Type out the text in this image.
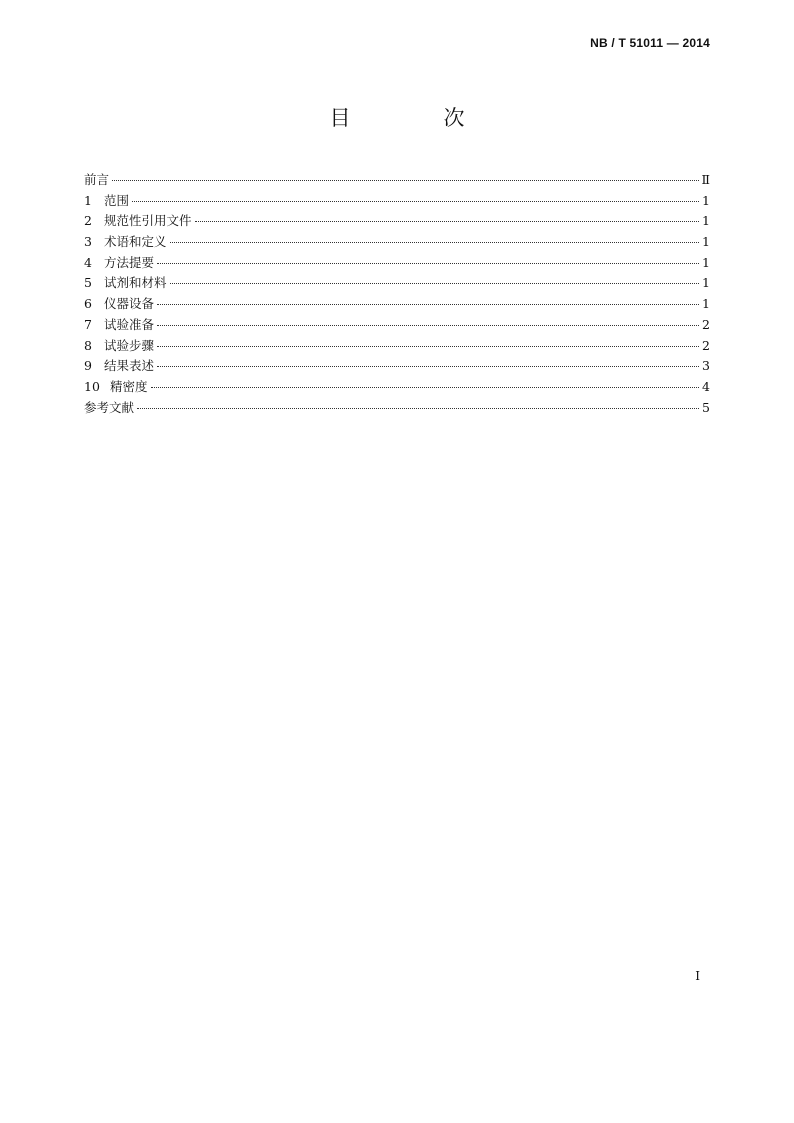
NB / T 51011 — 2014
目　次
前言	Ⅱ
1 范围	1
2 规范性引用文件	1
3 术语和定义	1
4 方法提要	1
5 试剂和材料	1
6 仪器设备	1
7 试验准备	2
8 试验步骤	2
9 结果表述	3
10 精密度	4
参考文献	5
I
